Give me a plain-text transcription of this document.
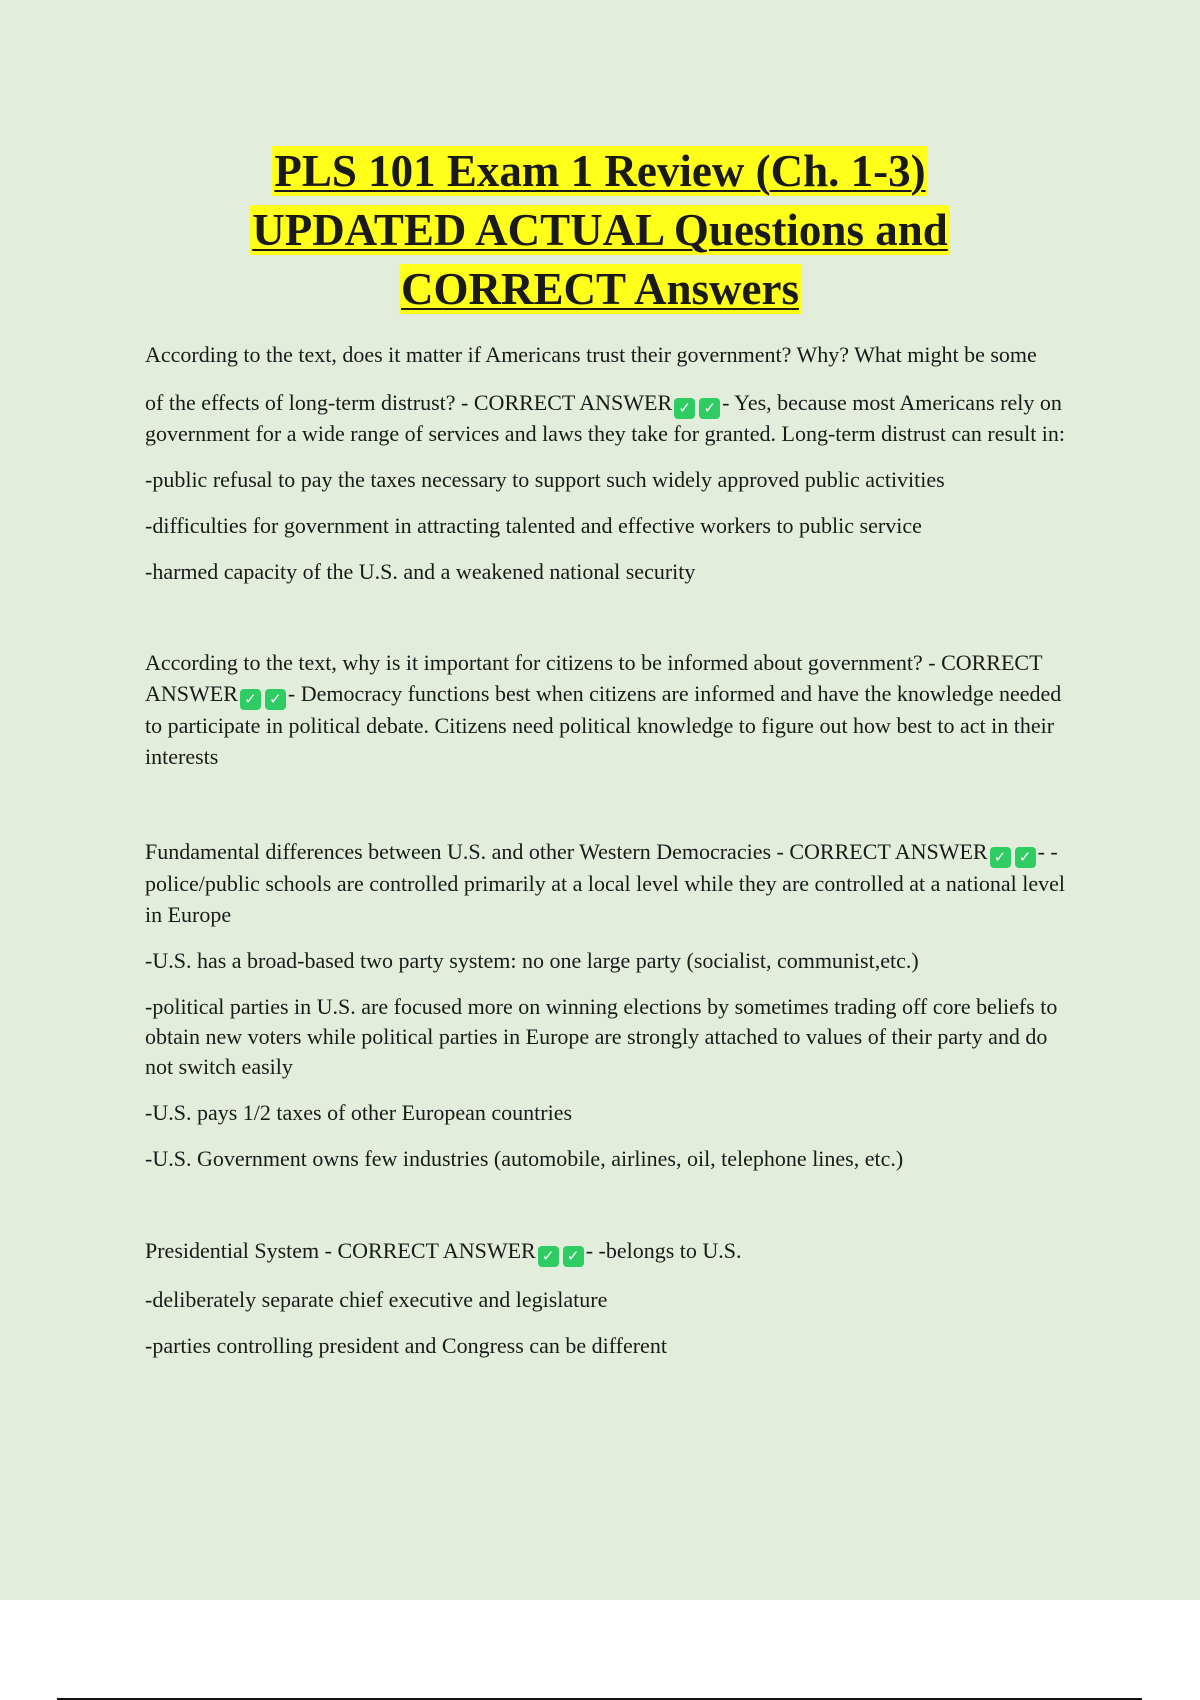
PLS 101 Exam 1 Review (Ch. 1-3)
UPDATED ACTUAL Questions and
CORRECT Answers

According to the text, does it matter if Americans trust their government? Why? What might be some

of the effects of long-term distrust? - CORRECT ANSWER ✓ ✓ - Yes, because most Americans rely on government for a wide range of services and laws they take for granted. Long-term distrust can result in:

-public refusal to pay the taxes necessary to support such widely approved public activities

-difficulties for government in attracting talented and effective workers to public service

-harmed capacity of the U.S. and a weakened national security

According to the text, why is it important for citizens to be informed about government? - CORRECT ANSWER ✓ ✓ - Democracy functions best when citizens are informed and have the knowledge needed to participate in political debate. Citizens need political knowledge to figure out how best to act in their interests

Fundamental differences between U.S. and other Western Democracies - CORRECT ANSWER ✓ ✓ - -police/public schools are controlled primarily at a local level while they are controlled at a national level in Europe

-U.S. has a broad-based two party system: no one large party (socialist, communist,etc.)

-political parties in U.S. are focused more on winning elections by sometimes trading off core beliefs to obtain new voters while political parties in Europe are strongly attached to values of their party and do not switch easily

-U.S. pays 1/2 taxes of other European countries

-U.S. Government owns few industries (automobile, airlines, oil, telephone lines, etc.)

Presidential System - CORRECT ANSWER ✓ ✓ - -belongs to U.S.

-deliberately separate chief executive and legislature

-parties controlling president and Congress can be different
